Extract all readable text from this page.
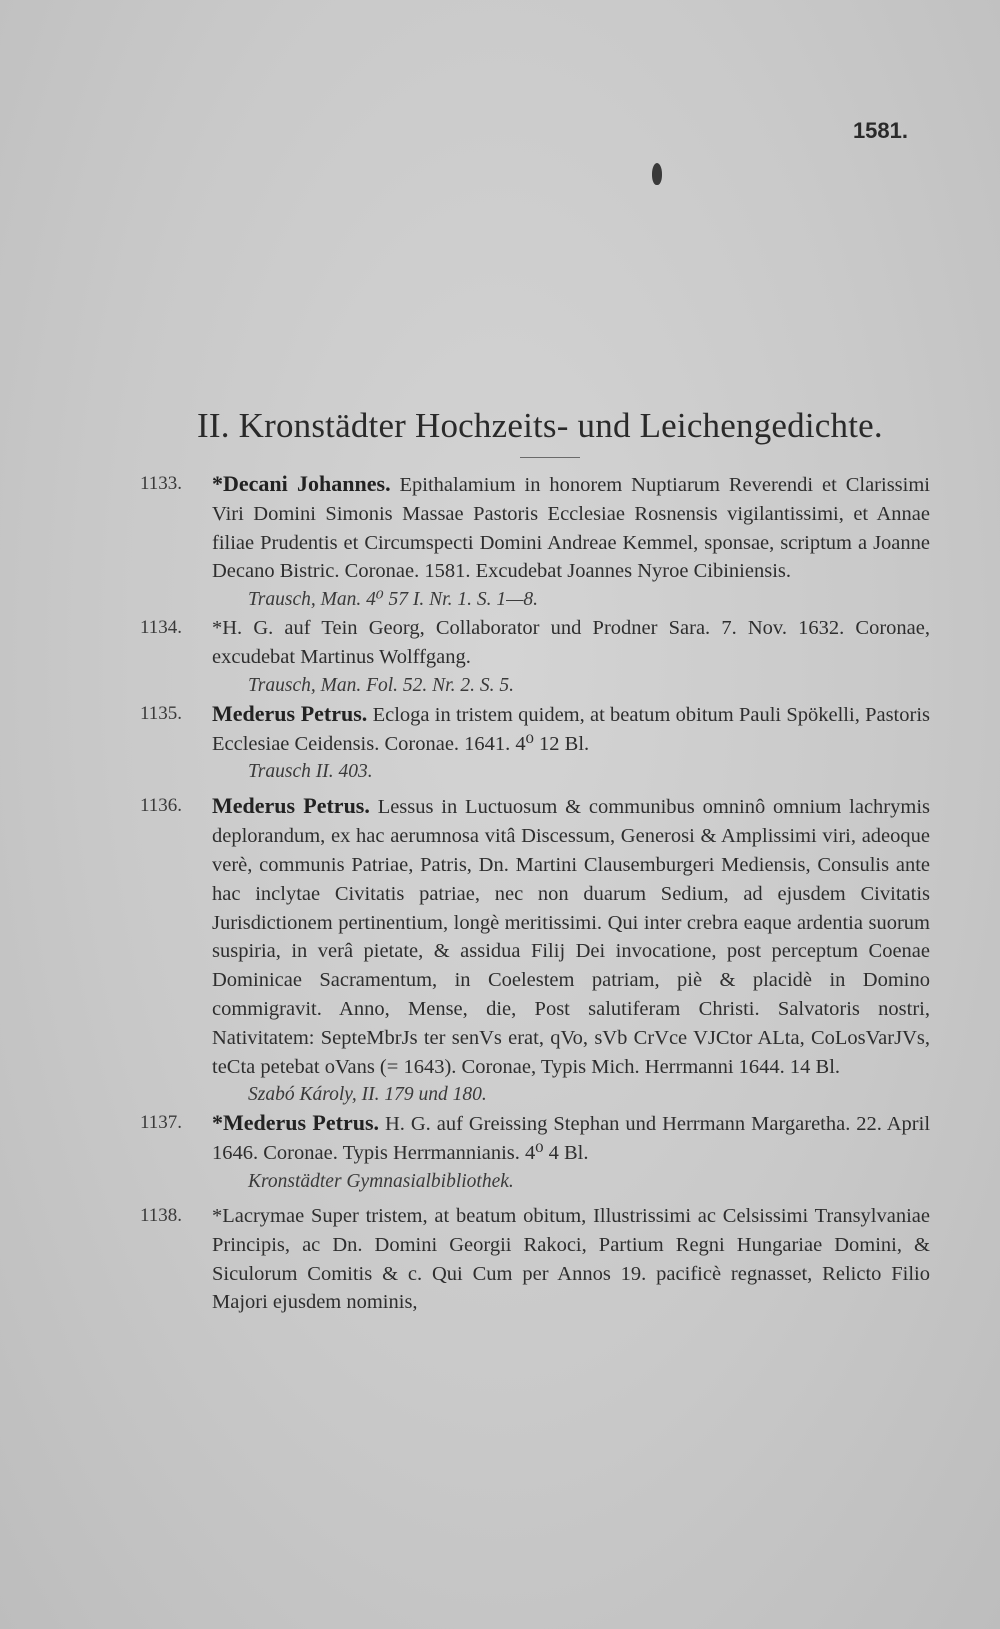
1581.
II. Kronstädter Hochzeits- und Leichengedichte.
1133.	*Decani Johannes. Epithalamium in honorem Nuptiarum Reverendi et Clarissimi Viri Domini Simonis Massae Pastoris Ecclesiae Rosnensis vigilantissimi, et Annae filiae Prudentis et Circumspecti Domini Andreae Kemmel, sponsae, scriptum a Joanne Decano Bistric. Coronae. 1581. Excudebat Joannes Nyroe Cibiniensis.
Trausch, Man. 4⁰ 57 I. Nr. 1. S. 1—8.
1134.	*H. G. auf Tein Georg, Collaborator und Prodner Sara. 7. Nov. 1632. Coronae, excudebat Martinus Wolffgang.
Trausch, Man. Fol. 52. Nr. 2. S. 5.
1135.	Mederus Petrus. Ecloga in tristem quidem, at beatum obitum Pauli Spökelli, Pastoris Ecclesiae Ceidensis. Coronae. 1641. 4⁰ 12 Bl.
Trausch II. 403.
1136.	Mederus Petrus. Lessus in Luctuosum & communibus omninô omnium lachrymis deplorandum, ex hac aerumnosa vitâ Discessum, Generosi & Amplissimi viri, adeoque verè, communis Patriae, Patris, Dn. Martini Clausemburgeri Mediensis, Consulis ante hac inclytae Civitatis patriae, nec non duarum Sedium, ad ejusdem Civitatis Jurisdictionem pertinentium, longè meritissimi. Qui inter crebra eaque ardentia suorum suspiria, in verâ pietate, & assidua Filij Dei invocatione, post perceptum Coenae Dominicae Sacramentum, in Coelestem patriam, piè & placidè in Domino commigravit. Anno, Mense, die, Post salutiferam Christi. Salvatoris nostri, Nativitatem: SepteMbrJs ter senVs erat, qVo, sVb CrVce VJCtor ALta, CoLosVarJVs, teCta petebat oVans (= 1643). Coronae, Typis Mich. Herrmanni 1644. 14 Bl.
Szabó Károly, II. 179 und 180.
1137.	*Mederus Petrus. H. G. auf Greissing Stephan und Herrmann Margaretha. 22. April 1646. Coronae. Typis Herrmannianis. 4⁰ 4 Bl.
Kronstädter Gymnasialbibliothek.
1138.	*Lacrymae Super tristem, at beatum obitum, Illustrissimi ac Celsissimi Transylvaniae Principis, ac Dn. Domini Georgii Rakoci, Partium Regni Hungariae Domini, & Siculorum Comitis & c. Qui Cum per Annos 19. pacificè regnasset, Relicto Filio Majori ejusdem nominis,
